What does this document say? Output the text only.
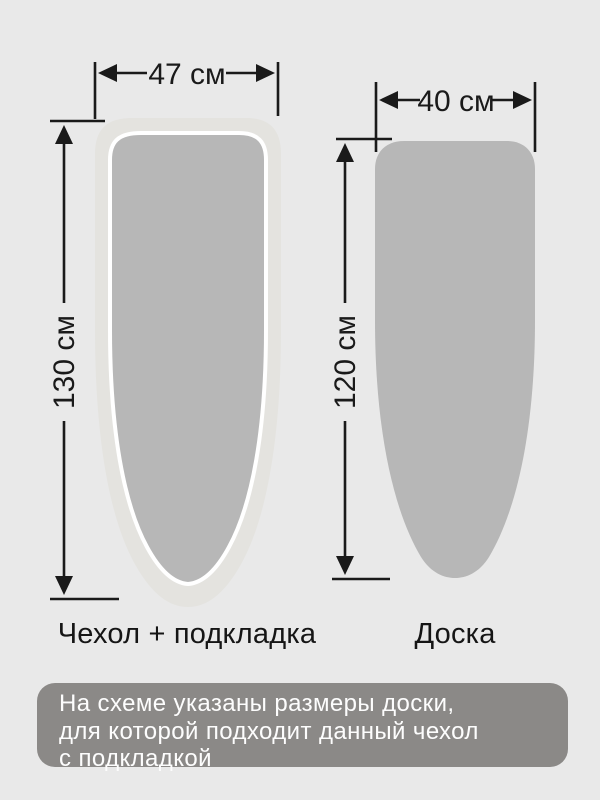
47 см
130 см
40 см
120 см
Чехол + подкладка	Доска
На схеме указаны размеры доски,
для которой подходит данный чехол
с подкладкой
